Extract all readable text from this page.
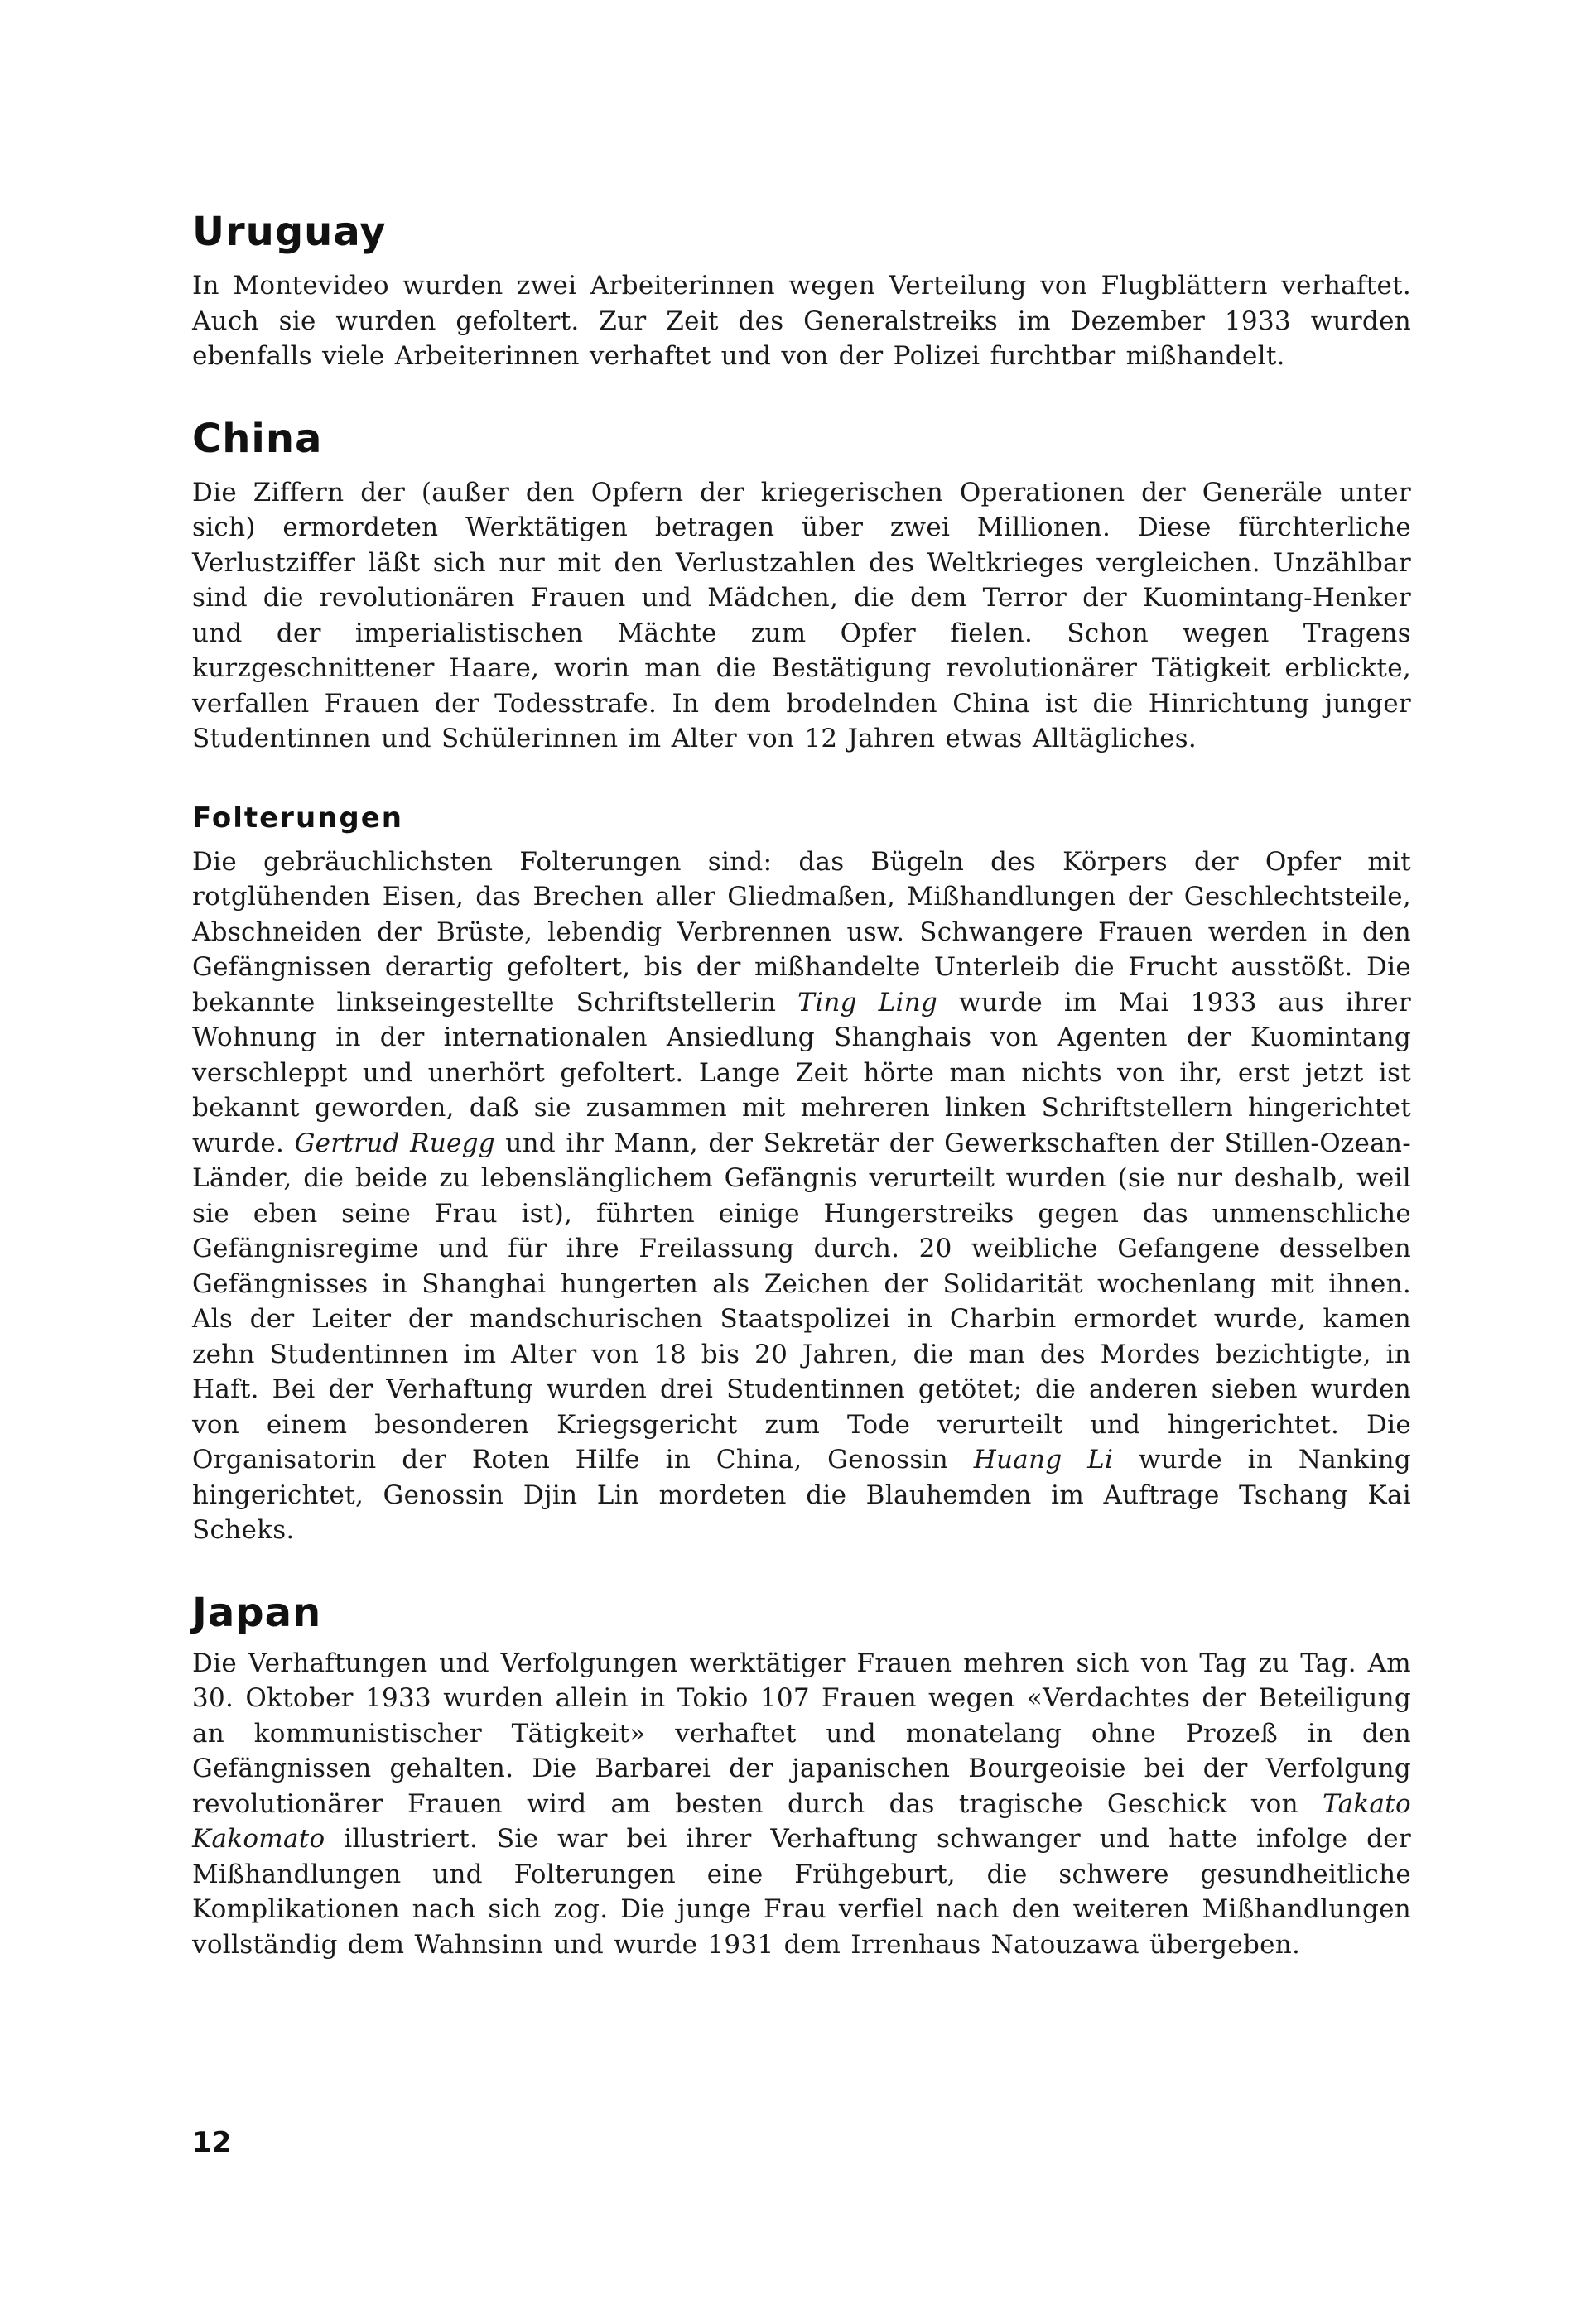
Uruguay

In Montevideo wurden zwei Arbeiterinnen wegen Verteilung von Flugblättern verhaftet. Auch sie wurden gefoltert. Zur Zeit des Generalstreiks im Dezember 1933 wurden ebenfalls viele Arbeiterinnen verhaftet und von der Polizei furchtbar mißhandelt.

China

Die Ziffern der (außer den Opfern der kriegerischen Operationen der Generäle unter sich) ermordeten Werktätigen betragen über zwei Millionen. Diese fürchterliche Verlustziffer läßt sich nur mit den Verlustzahlen des Weltkrieges vergleichen. Unzählbar sind die revolutionären Frauen und Mädchen, die dem Terror der Kuomintang-Henker und der imperialistischen Mächte zum Opfer fielen. Schon wegen Tragens kurzgeschnittener Haare, worin man die Bestätigung revolutionärer Tätigkeit erblickte, verfallen Frauen der Todesstrafe. In dem brodelnden China ist die Hinrichtung junger Studentinnen und Schülerinnen im Alter von 12 Jahren etwas Alltägliches.

Folterungen

Die gebräuchlichsten Folterungen sind: das Bügeln des Körpers der Opfer mit rotglühenden Eisen, das Brechen aller Gliedmaßen, Mißhandlungen der Geschlechtsteile, Abschneiden der Brüste, lebendig Verbrennen usw. Schwangere Frauen werden in den Gefängnissen derartig gefoltert, bis der mißhandelte Unterleib die Frucht ausstößt. Die bekannte linkseingestellte Schriftstellerin Ting Ling wurde im Mai 1933 aus ihrer Wohnung in der internationalen Ansiedlung Shanghais von Agenten der Kuomintang verschleppt und unerhört gefoltert. Lange Zeit hörte man nichts von ihr, erst jetzt ist bekannt geworden, daß sie zusammen mit mehreren linken Schriftstellern hingerichtet wurde. Gertrud Ruegg und ihr Mann, der Sekretär der Gewerkschaften der Stillen-Ozean-Länder, die beide zu lebenslänglichem Gefängnis verurteilt wurden (sie nur deshalb, weil sie eben seine Frau ist), führten einige Hungerstreiks gegen das unmenschliche Gefängnisregime und für ihre Freilassung durch. 20 weibliche Gefangene desselben Gefängnisses in Shanghai hungerten als Zeichen der Solidarität wochenlang mit ihnen. Als der Leiter der mandschurischen Staatspolizei in Charbin ermordet wurde, kamen zehn Studentinnen im Alter von 18 bis 20 Jahren, die man des Mordes bezichtigte, in Haft. Bei der Verhaftung wurden drei Studentinnen getötet; die anderen sieben wurden von einem besonderen Kriegsgericht zum Tode verurteilt und hingerichtet. Die Organisatorin der Roten Hilfe in China, Genossin Huang Li wurde in Nanking hingerichtet, Genossin Djin Lin mordeten die Blauhemden im Auftrage Tschang Kai Scheks.

Japan

Die Verhaftungen und Verfolgungen werktätiger Frauen mehren sich von Tag zu Tag. Am 30. Oktober 1933 wurden allein in Tokio 107 Frauen wegen «Verdachtes der Beteiligung an kommunistischer Tätigkeit» verhaftet und monatelang ohne Prozeß in den Gefängnissen gehalten. Die Barbarei der japanischen Bourgeoisie bei der Verfolgung revolutionärer Frauen wird am besten durch das tragische Geschick von Takato Kakomato illustriert. Sie war bei ihrer Verhaftung schwanger und hatte infolge der Mißhandlungen und Folterungen eine Frühgeburt, die schwere gesundheitliche Komplikationen nach sich zog. Die junge Frau verfiel nach den weiteren Mißhandlungen vollständig dem Wahnsinn und wurde 1931 dem Irrenhaus Natouzawa übergeben.

12
